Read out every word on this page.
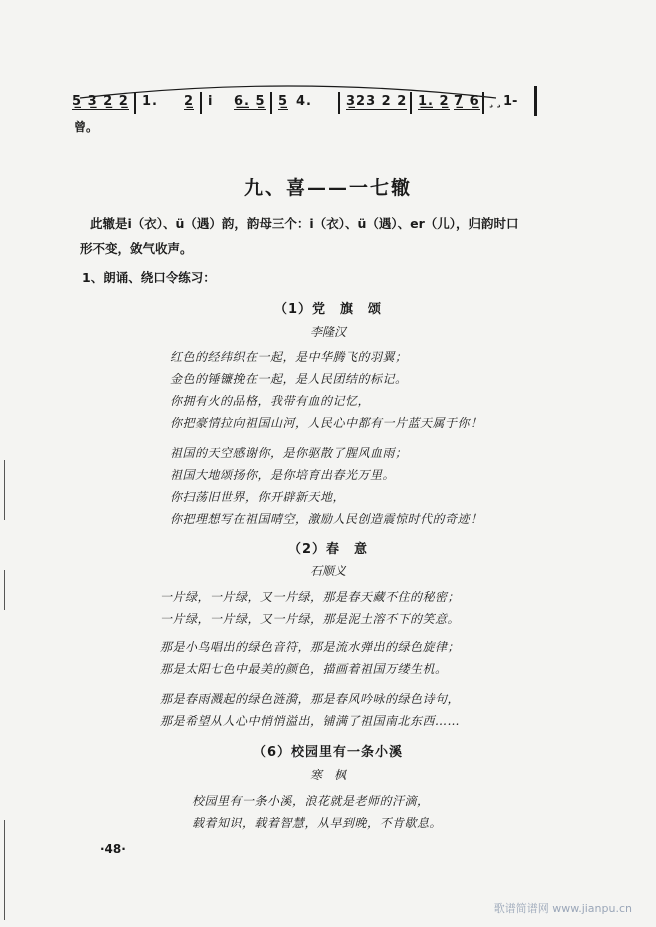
5̲ 3̲ 2̲ 2̲ 1. 2̲ i 6̲.̲ 5̲ 5̲ 4.	3̲23 2 2 1̲.̲ 2̲ 7̲ 6̲ ¸¸1
-
曾。
九、喜——一七辙
此辙是i（衣）、ü（遇）韵，韵母三个：i（衣）、ü（遇）、er（儿），归韵时口
形不变，敛气收声。
1、朗诵、绕口令练习：
（1）党　旗　颂
李隆汉
红色的经纬织在一起，是中华腾飞的羽翼；
金色的锤镰挽在一起，是人民团结的标记。
你拥有火的品格，我带有血的记忆，
你把豪情拉向祖国山河，人民心中都有一片蓝天属于你！
祖国的天空感谢你，是你驱散了腥风血雨；
祖国大地颂扬你，是你培育出春光万里。
你扫荡旧世界，你开辟新天地，
你把理想写在祖国晴空，激励人民创造震惊时代的奇迹！
（2）春　意
石顺义
一片绿，一片绿，又一片绿，那是春天藏不住的秘密；
一片绿，一片绿，又一片绿，那是泥土溶不下的笑意。
那是小鸟唱出的绿色音符，那是流水弹出的绿色旋律；
那是太阳七色中最美的颜色，描画着祖国万缕生机。
那是春雨溅起的绿色涟漪，那是春风吟咏的绿色诗句，
那是希望从人心中悄悄溢出，铺满了祖国南北东西……
（6）校园里有一条小溪
寒　枫
校园里有一条小溪，浪花就是老师的汗滴，
载着知识，载着智慧，从早到晚，不肯歇息。
·48·
歌谱简谱网 www.jianpu.cn
